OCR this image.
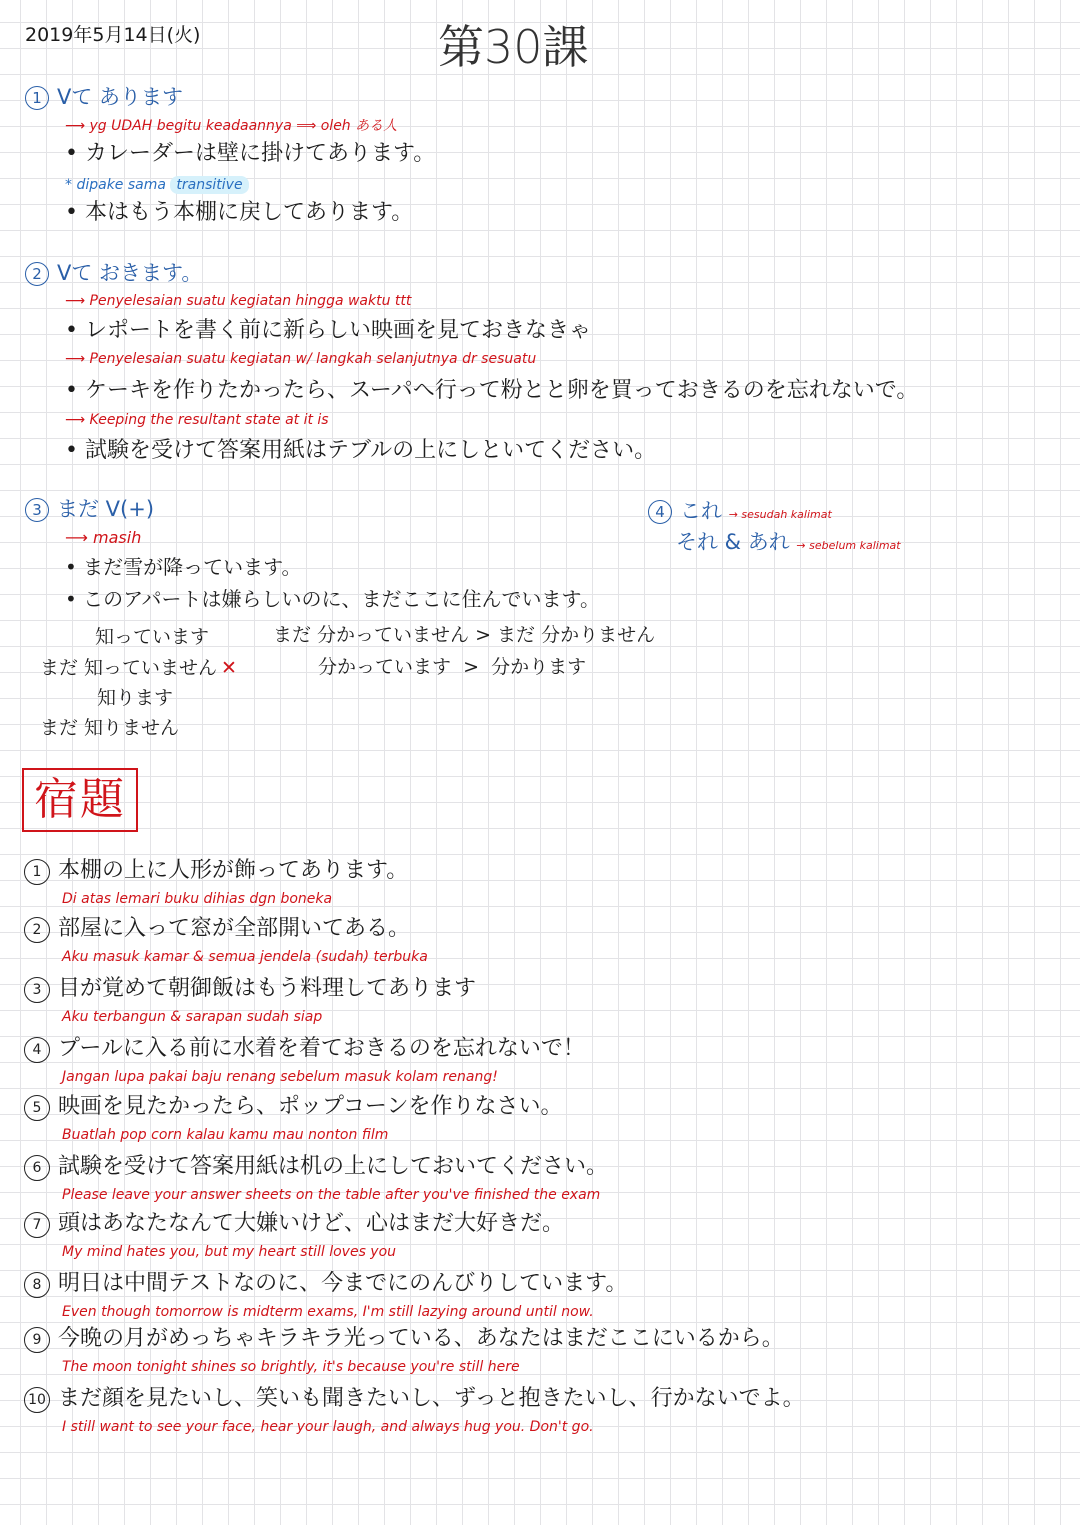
2019年5月14日(火)	第30課
1 Vて あります
⟶ yg UDAH begitu keadaannya ⟹ oleh ある人
• カレーダーは壁に掛けてあります。
* dipake sama transitive
• 本はもう本棚に戻してあります。
2 Vて おきます。
⟶ Penyelesaian suatu kegiatan hingga waktu ttt
• レポートを書く前に新らしい映画を見ておきなきゃ
⟶ Penyelesaian suatu kegiatan w/ langkah selanjutnya dr sesuatu
• ケーキを作りたかったら、スーパへ行って粉とと卵を買っておきるのを忘れないで。
⟶ Keeping the resultant state at it is
• 試験を受けて答案用紙はテブルの上にしといてください。
3 まだ V(+)
⟶ masih
• まだ雪が降っています。
• このアパートは嫌らしいのに、まだここに住んでいます。
知っています
まだ 知っていません ✕
知ります
まだ 知りません
まだ 分かっていません > まだ 分かりません
分かっています  >  分かります
4 これ → sesudah kalimat
それ & あれ → sebelum kalimat
宿題
1 本棚の上に人形が飾ってあります。
Di atas lemari buku dihias dgn boneka
2 部屋に入って窓が全部開いてある。
Aku masuk kamar & semua jendela (sudah) terbuka
3 目が覚めて朝御飯はもう料理してあります
Aku terbangun & sarapan sudah siap
4 プールに入る前に水着を着ておきるのを忘れないで！
Jangan lupa pakai baju renang sebelum masuk kolam renang!
5 映画を見たかったら、ポップコーンを作りなさい。
Buatlah pop corn kalau kamu mau nonton film
6 試験を受けて答案用紙は机の上にしておいてください。
Please leave your answer sheets on the table after you've finished the exam
7 頭はあなたなんて大嫌いけど、心はまだ大好きだ。
My mind hates you, but my heart still loves you
8 明日は中間テストなのに、今までにのんびりしています。
Even though tomorrow is midterm exams, I'm still lazying around until now.
9 今晩の月がめっちゃキラキラ光っている、あなたはまだここにいるから。
The moon tonight shines so brightly, it's because you're still here
10 まだ顔を見たいし、笑いも聞きたいし、ずっと抱きたいし、行かないでよ。
I still want to see your face, hear your laugh, and always hug you. Don't go.
